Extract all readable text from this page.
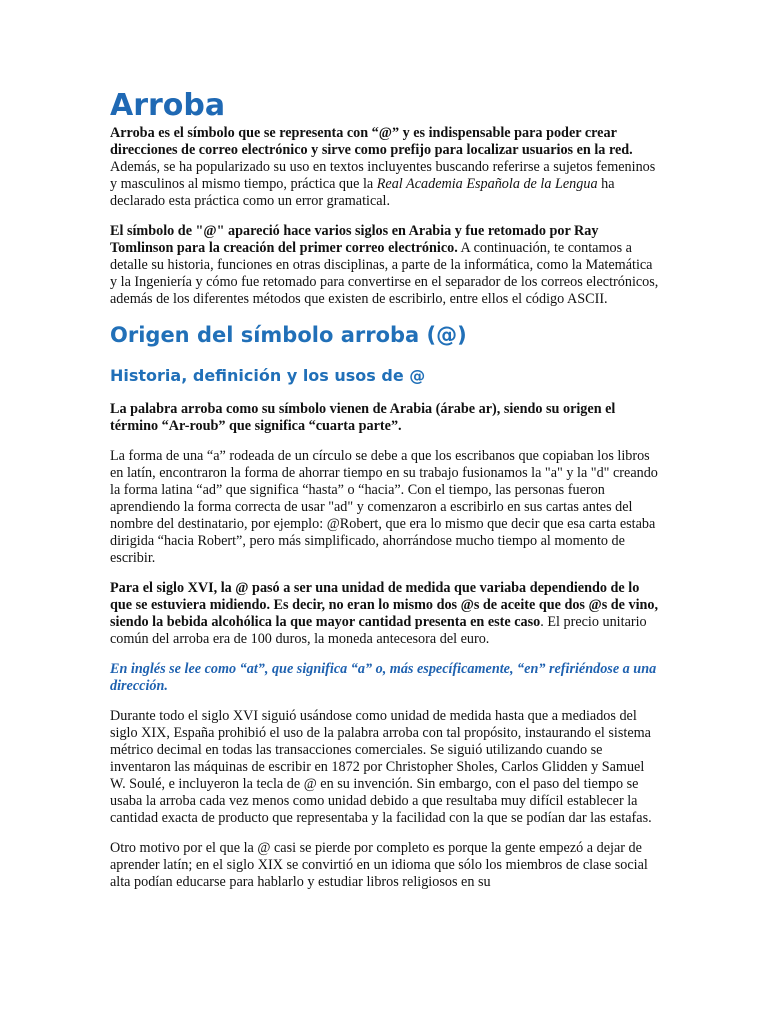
Arroba

Arroba es el símbolo que se representa con “@” y es indispensable para poder crear direcciones de correo electrónico y sirve como prefijo para localizar usuarios en la red. Además, se ha popularizado su uso en textos incluyentes buscando referirse a sujetos femeninos y masculinos al mismo tiempo, práctica que la Real Academia Española de la Lengua ha declarado esta práctica como un error gramatical.

El símbolo de "@" apareció hace varios siglos en Arabia y fue retomado por Ray Tomlinson para la creación del primer correo electrónico. A continuación, te contamos a detalle su historia, funciones en otras disciplinas, a parte de la informática, como la Matemática y la Ingeniería y cómo fue retomado para convertirse en el separador de los correos electrónicos, además de los diferentes métodos que existen de escribirlo, entre ellos el código ASCII.

Origen del símbolo arroba (@)
Historia, definición y los usos de @

La palabra arroba como su símbolo vienen de Arabia (árabe ar), siendo su origen el término “Ar-roub” que significa “cuarta parte”.

La forma de una “a” rodeada de un círculo se debe a que los escribanos que copiaban los libros en latín, encontraron la forma de ahorrar tiempo en su trabajo fusionamos la "a" y la "d" creando la forma latina “ad” que significa “hasta” o “hacia”. Con el tiempo, las personas fueron aprendiendo la forma correcta de usar "ad" y comenzaron a escribirlo en sus cartas antes del nombre del destinatario, por ejemplo: @Robert, que era lo mismo que decir que esa carta estaba dirigida “hacia Robert”, pero más simplificado, ahorrándose mucho tiempo al momento de escribir.

Para el siglo XVI, la @ pasó a ser una unidad de medida que variaba dependiendo de lo que se estuviera midiendo. Es decir, no eran lo mismo dos @s de aceite que dos @s de vino, siendo la bebida alcohólica la que mayor cantidad presenta en este caso. El precio unitario común del arroba era de 100 duros, la moneda antecesora del euro.

En inglés se lee como “at”, que significa “a” o, más específicamente, “en” refiriéndose a una dirección.

Durante todo el siglo XVI siguió usándose como unidad de medida hasta que a mediados del siglo XIX, España prohibió el uso de la palabra arroba con tal propósito, instaurando el sistema métrico decimal en todas las transacciones comerciales. Se siguió utilizando cuando se inventaron las máquinas de escribir en 1872 por Christopher Sholes, Carlos Glidden y Samuel W. Soulé, e incluyeron la tecla de @ en su invención. Sin embargo, con el paso del tiempo se usaba la arroba cada vez menos como unidad debido a que resultaba muy difícil establecer la cantidad exacta de producto que representaba y la facilidad con la que se podían dar las estafas.

Otro motivo por el que la @ casi se pierde por completo es porque la gente empezó a dejar de aprender latín; en el siglo XIX se convirtió en un idioma que sólo los miembros de clase social alta podían educarse para hablarlo y estudiar libros religiosos en su
